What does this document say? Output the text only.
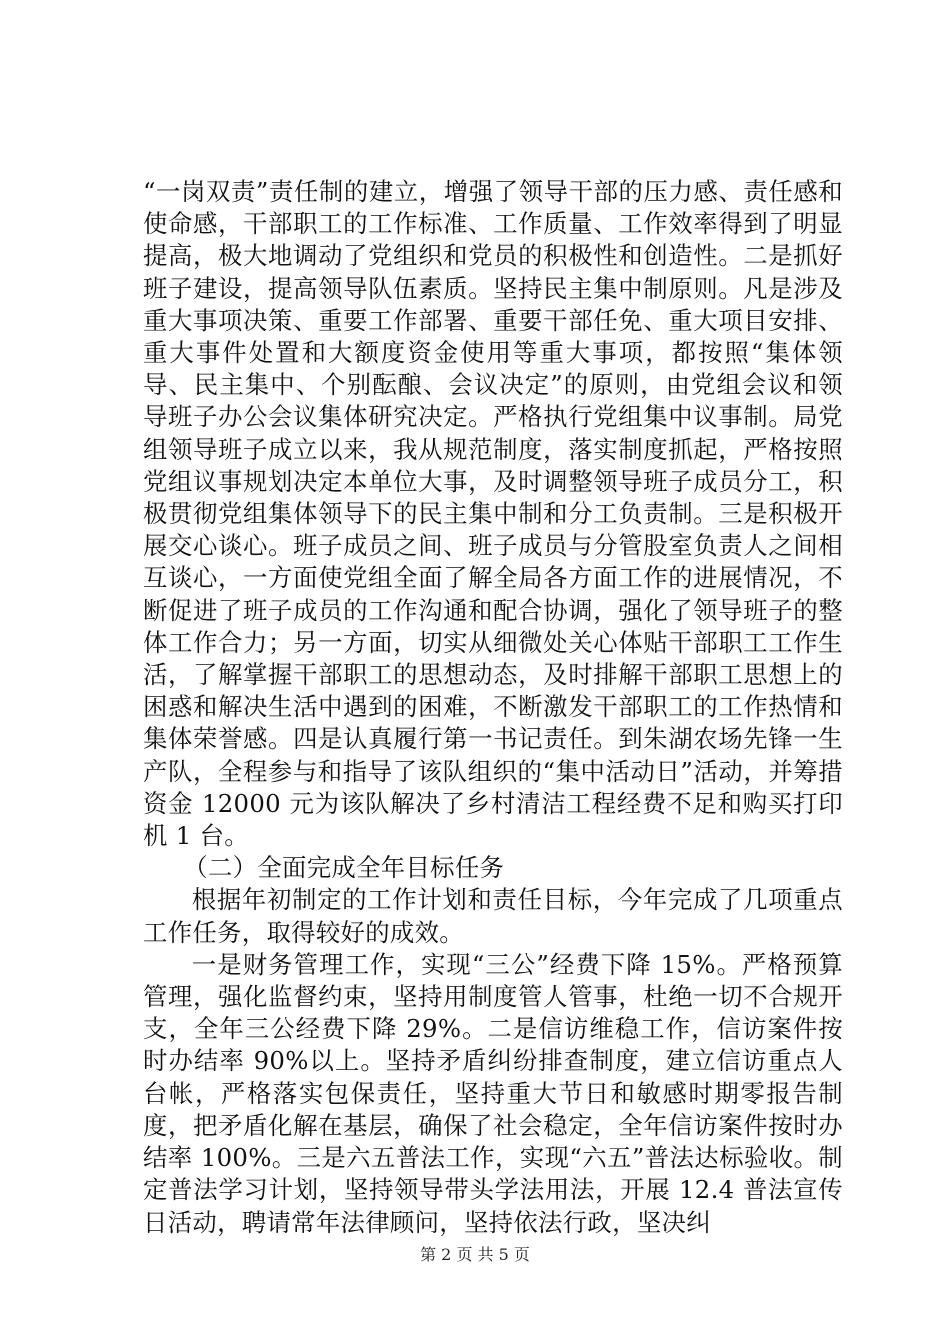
“一岗双责”责任制的建立，增强了领导干部的压力感、责任感和使命感，干部职工的工作标准、工作质量、工作效率得到了明显提高，极大地调动了党组织和党员的积极性和创造性。二是抓好班子建设，提高领导队伍素质。坚持民主集中制原则。凡是涉及重大事项决策、重要工作部署、重要干部任免、重大项目安排、重大事件处置和大额度资金使用等重大事项，都按照“集体领导、民主集中、个别酝酿、会议决定”的原则，由党组会议和领导班子办公会议集体研究决定。严格执行党组集中议事制。局党组领导班子成立以来，我从规范制度，落实制度抓起，严格按照党组议事规划决定本单位大事，及时调整领导班子成员分工，积极贯彻党组集体领导下的民主集中制和分工负责制。三是积极开展交心谈心。班子成员之间、班子成员与分管股室负责人之间相互谈心，一方面使党组全面了解全局各方面工作的进展情况，不断促进了班子成员的工作沟通和配合协调，强化了领导班子的整体工作合力；另一方面，切实从细微处关心体贴干部职工工作生活，了解掌握干部职工的思想动态，及时排解干部职工思想上的困惑和解决生活中遇到的困难，不断激发干部职工的工作热情和集体荣誉感。四是认真履行第一书记责任。到朱湖农场先锋一生产队，全程参与和指导了该队组织的“集中活动日”活动，并筹措资金 12000 元为该队解决了乡村清洁工程经费不足和购买打印机 1 台。

（二）全面完成全年目标任务

根据年初制定的工作计划和责任目标，今年完成了几项重点工作任务，取得较好的成效。

一是财务管理工作，实现“三公”经费下降 15%。严格预算管理，强化监督约束，坚持用制度管人管事，杜绝一切不合规开支，全年三公经费下降 29%。二是信访维稳工作，信访案件按时办结率 90%以上。坚持矛盾纠纷排查制度，建立信访重点人台帐，严格落实包保责任，坚持重大节日和敏感时期零报告制度，把矛盾化解在基层，确保了社会稳定，全年信访案件按时办结率 100%。三是六五普法工作，实现“六五”普法达标验收。制定普法学习计划，坚持领导带头学法用法，开展 12.4 普法宣传日活动，聘请常年法律顾问，坚持依法行政，坚决纠

第 2 页 共 5 页
